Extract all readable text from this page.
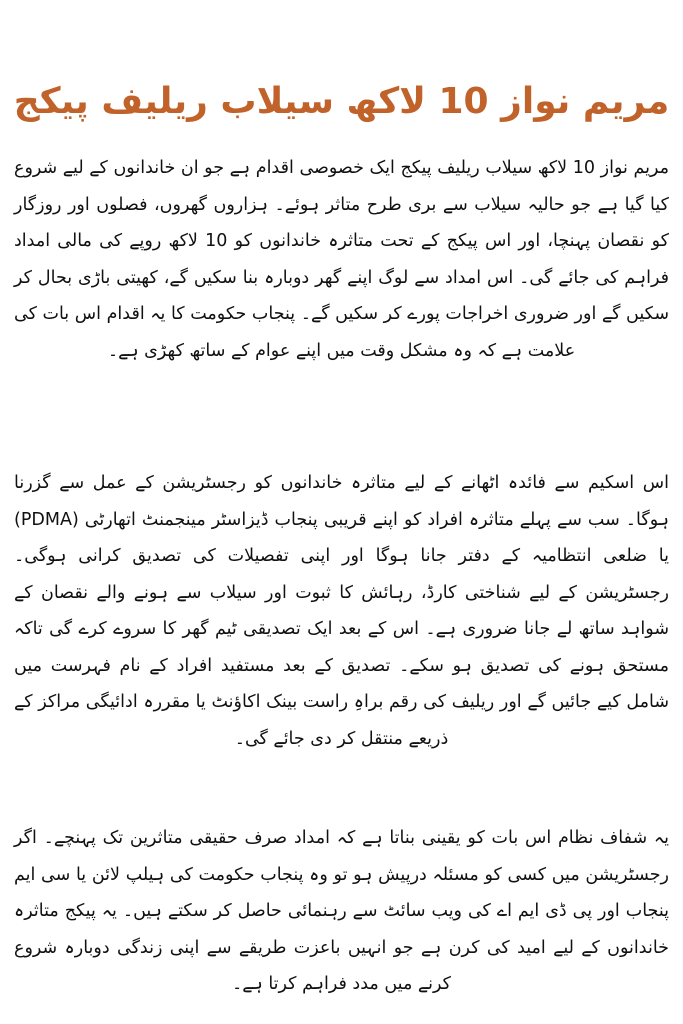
مریم نواز 10 لاکھ سیلاب ریلیف پیکج

مریم نواز 10 لاکھ سیلاب ریلیف پیکج ایک خصوصی اقدام ہے جو ان خاندانوں کے لیے شروع کیا گیا ہے جو حالیہ سیلاب سے بری طرح متاثر ہوئے۔ ہزاروں گھروں، فصلوں اور روزگار کو نقصان پہنچا، اور اس پیکج کے تحت متاثرہ خاندانوں کو 10 لاکھ روپے کی مالی امداد فراہم کی جائے گی۔ اس امداد سے لوگ اپنے گھر دوبارہ بنا سکیں گے، کھیتی باڑی بحال کر سکیں گے اور ضروری اخراجات پورے کر سکیں گے۔ پنجاب حکومت کا یہ اقدام اس بات کی علامت ہے کہ وہ مشکل وقت میں اپنے عوام کے ساتھ کھڑی ہے۔

اس اسکیم سے فائدہ اٹھانے کے لیے متاثرہ خاندانوں کو رجسٹریشن کے عمل سے گزرنا ہوگا۔ سب سے پہلے متاثرہ افراد کو اپنے قریبی پنجاب ڈیزاسٹر مینجمنٹ اتھارٹی (PDMA) یا ضلعی انتظامیہ کے دفتر جانا ہوگا اور اپنی تفصیلات کی تصدیق کرانی ہوگی۔ رجسٹریشن کے لیے شناختی کارڈ، رہائش کا ثبوت اور سیلاب سے ہونے والے نقصان کے شواہد ساتھ لے جانا ضروری ہے۔ اس کے بعد ایک تصدیقی ٹیم گھر کا سروے کرے گی تاکہ مستحق ہونے کی تصدیق ہو سکے۔ تصدیق کے بعد مستفید افراد کے نام فہرست میں شامل کیے جائیں گے اور ریلیف کی رقم براہِ راست بینک اکاؤنٹ یا مقررہ ادائیگی مراکز کے ذریعے منتقل کر دی جائے گی۔

یہ شفاف نظام اس بات کو یقینی بناتا ہے کہ امداد صرف حقیقی متاثرین تک پہنچے۔ اگر رجسٹریشن میں کسی کو مسئلہ درپیش ہو تو وہ پنجاب حکومت کی ہیلپ لائن یا سی ایم پنجاب اور پی ڈی ایم اے کی ویب سائٹ سے رہنمائی حاصل کر سکتے ہیں۔ یہ پیکج متاثرہ خاندانوں کے لیے امید کی کرن ہے جو انہیں باعزت طریقے سے اپنی زندگی دوبارہ شروع کرنے میں مدد فراہم کرتا ہے۔
